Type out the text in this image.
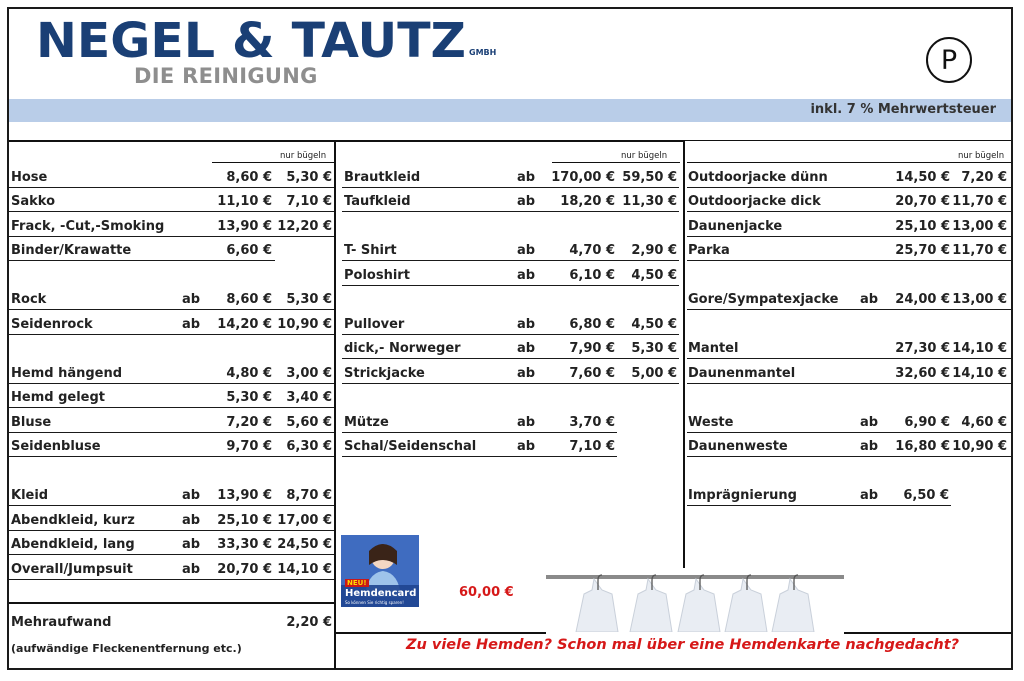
NEGEL & TAUTZ GMBH
DIE REINIGUNG
P
inkl. 7 % Mehrwertsteuer
nur bügeln	nur bügeln	nur bügeln
Hose	8,60 € 5,30 €
Sakko	11,10 € 7,10 €
Frack, -Cut,-Smoking	13,90 € 12,20 €
Binder/Krawatte	6,60 €
Rock	ab 8,60 € 5,30 €
Seidenrock	ab 14,20 € 10,90 €
Hemd hängend	4,80 € 3,00 €
Hemd gelegt	5,30 € 3,40 €
Bluse	7,20 € 5,60 €
Seidenbluse	9,70 € 6,30 €
Kleid	ab 13,90 € 8,70 €
Abendkleid, kurz	ab 25,10 € 17,00 €
Abendkleid, lang	ab 33,30 € 24,50 €
Overall/Jumpsuit	ab 20,70 € 14,10 €
Mehraufwand	2,20 €
(aufwändige Fleckenentfernung etc.)
Brautkleid	ab 170,00 € 59,50 €
Taufkleid	ab 18,20 € 11,30 €
T- Shirt	ab	4,70 € 2,90 €
Poloshirt	ab	6,10 € 4,50 €
Pullover	ab	6,80 € 4,50 €
dick,- Norweger	ab	7,90 € 5,30 €
Strickjacke	ab	7,60 € 5,00 €
Mütze	ab	3,70 €
Schal/Seidenschal	ab	7,10 €
Outdoorjacke dünn	14,50 € 7,20 €
Outdoorjacke dick	20,70 € 11,70 €
Daunenjacke	25,10 € 13,00 €
Parka	25,70 € 11,70 €
Gore/Sympatexjacke ab 24,00 € 13,00 €
Mantel	27,30 € 14,10 €
Daunenmantel	32,60 € 14,10 €
Weste	ab 6,90 € 4,60 €
Daunenweste	ab 16,80 € 10,90 €
Imprägnierung	ab 6,50 €
NEU!
Hemdencard
So können Sie richtig sparen!
60,00 €
Zu viele Hemden? Schon mal über eine Hemdenkarte nachgedacht?
